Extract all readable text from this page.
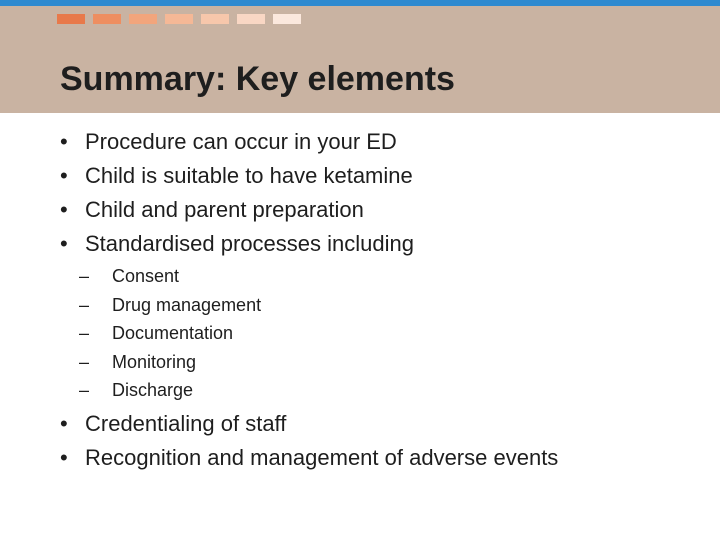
Summary: Key elements
• Procedure can occur in your ED
• Child is suitable to have ketamine
• Child and parent preparation
• Standardised processes including
– Consent
– Drug management
– Documentation
– Monitoring
– Discharge
• Credentialing of staff
• Recognition and management of adverse events
